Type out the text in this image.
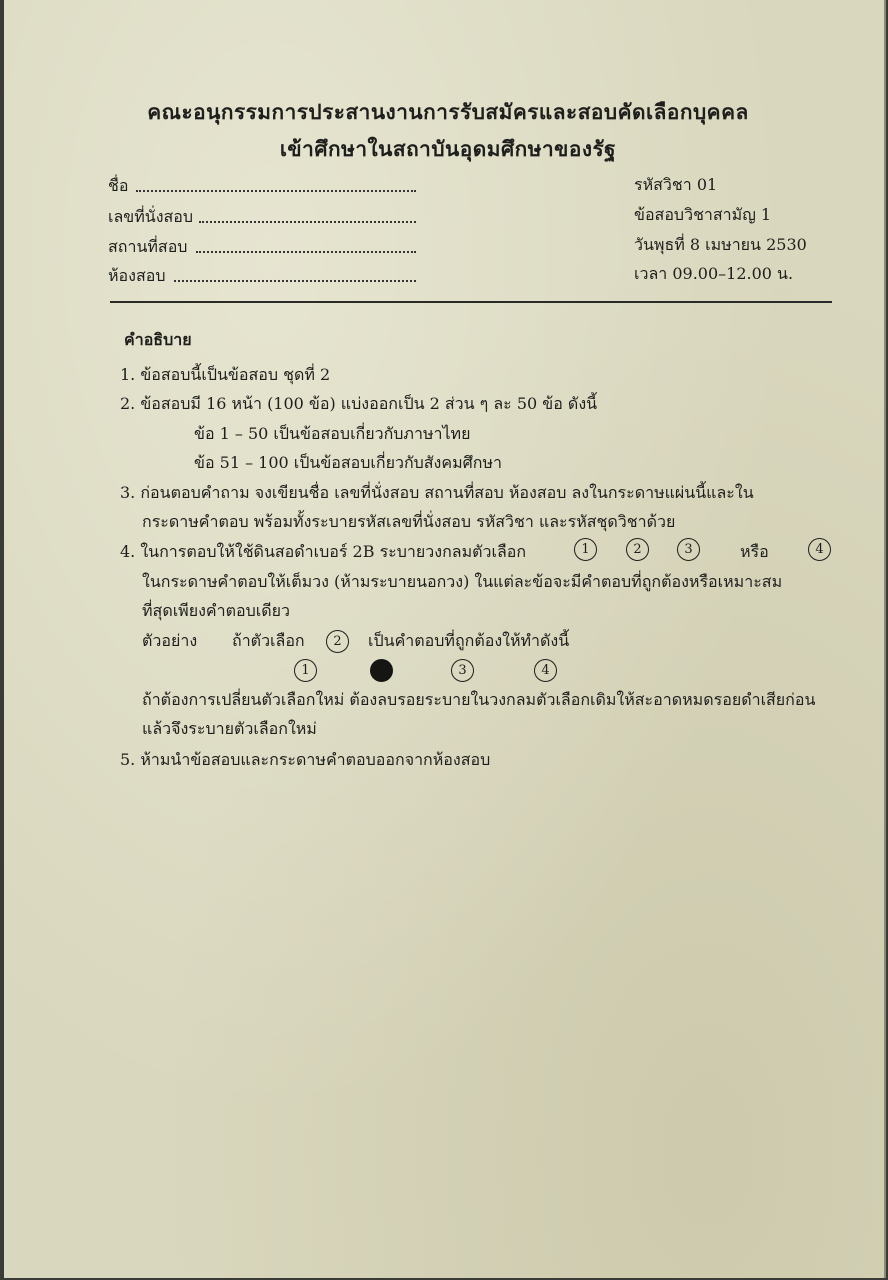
คณะอนุกรรมการประสานงานการรับสมัครและสอบคัดเลือกบุคคล
เข้าศึกษาในสถาบันอุดมศึกษาของรัฐ
ชื่อ
เลขที่นั่งสอบ
สถานที่สอบ
ห้องสอบ
รหัสวิชา 01
ข้อสอบวิชาสามัญ 1
วันพุธที่ 8 เมษายน 2530
เวลา 09.00–12.00 น.
คำอธิบาย
1. ข้อสอบนี้เป็นข้อสอบ ชุดที่ 2
2. ข้อสอบมี 16 หน้า (100 ข้อ) แบ่งออกเป็น 2 ส่วน ๆ ละ 50 ข้อ ดังนี้
ข้อ 1 – 50 เป็นข้อสอบเกี่ยวกับภาษาไทย
ข้อ 51 – 100 เป็นข้อสอบเกี่ยวกับสังคมศึกษา
3. ก่อนตอบคำถาม จงเขียนชื่อ เลขที่นั่งสอบ สถานที่สอบ ห้องสอบ ลงในกระดาษแผ่นนี้และใน
กระดาษคำตอบ พร้อมทั้งระบายรหัสเลขที่นั่งสอบ รหัสวิชา และรหัสชุดวิชาด้วย
4. ในการตอบให้ใช้ดินสอดำเบอร์ 2B ระบายวงกลมตัวเลือก	1	2	3	หรือ	4
ในกระดาษคำตอบให้เต็มวง (ห้ามระบายนอกวง) ในแต่ละข้อจะมีคำตอบที่ถูกต้องหรือเหมาะสม
ที่สุดเพียงคำตอบเดียว
ตัวอย่าง ถ้าตัวเลือก	2	เป็นคำตอบที่ถูกต้องให้ทำดังนี้
1	3	4
ถ้าต้องการเปลี่ยนตัวเลือกใหม่ ต้องลบรอยระบายในวงกลมตัวเลือกเดิมให้สะอาดหมดรอยดำเสียก่อน
แล้วจึงระบายตัวเลือกใหม่
5. ห้ามนำข้อสอบและกระดาษคำตอบออกจากห้องสอบ
